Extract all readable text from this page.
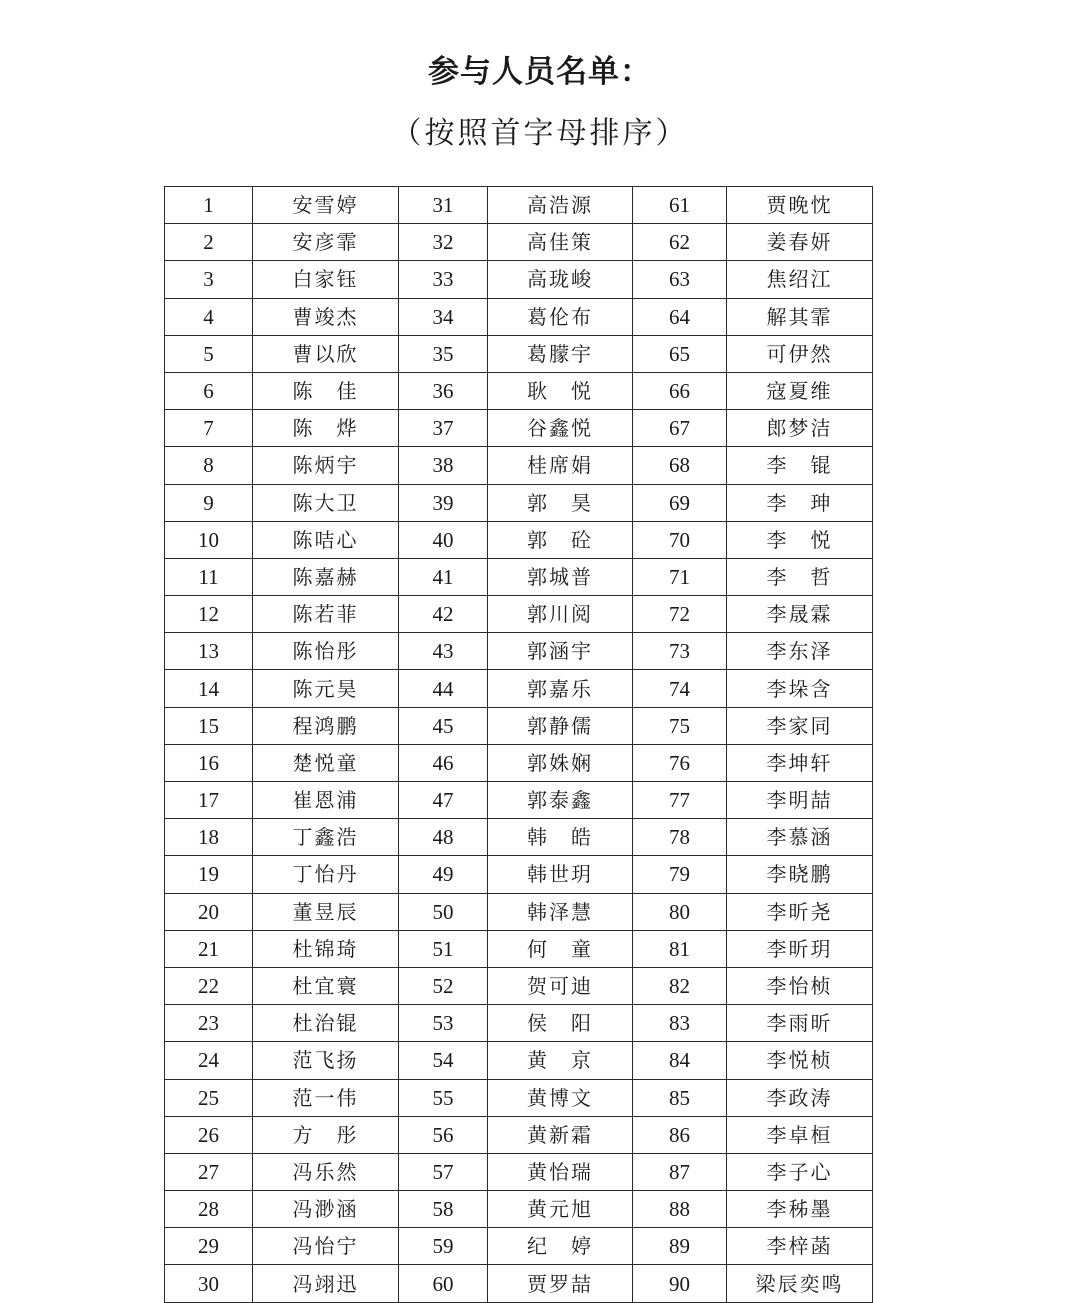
参与人员名单：
（按照首字母排序）
1	安雪婷	31	高浩源	61	贾晚忱
2	安彦霏	32	高佳策	62	姜春妍
3	白家钰	33	高珑峻	63	焦绍江
4	曹竣杰	34	葛伦布	64	解其霏
5	曹以欣	35	葛朦宇	65	可伊然
6	陈　佳	36	耿　悦	66	寇夏维
7	陈　烨	37	谷鑫悦	67	郎梦洁
8	陈炳宇	38	桂席娟	68	李　锟
9	陈大卫	39	郭　昊	69	李　珅
10	陈咭心	40	郭　砼	70	李　悦
11	陈嘉赫	41	郭城普	71	李　哲
12	陈若菲	42	郭川阅	72	李晟霖
13	陈怡彤	43	郭涵宇	73	李东泽
14	陈元昊	44	郭嘉乐	74	李垛含
15	程鸿鹏	45	郭静儒	75	李家同
16	楚悦童	46	郭姝娴	76	李坤轩
17	崔恩浦	47	郭泰鑫	77	李明喆
18	丁鑫浩	48	韩　皓	78	李慕涵
19	丁怡丹	49	韩世玥	79	李晓鹏
20	董昱辰	50	韩泽慧	80	李昕尧
21	杜锦琦	51	何　童	81	李昕玥
22	杜宜寰	52	贺可迪	82	李怡桢
23	杜治锟	53	侯　阳	83	李雨昕
24	范飞扬	54	黄　京	84	李悦桢
25	范一伟	55	黄博文	85	李政涛
26	方　彤	56	黄新霜	86	李卓桓
27	冯乐然	57	黄怡瑞	87	李子心
28	冯渺涵	58	黄元旭	88	李秭墨
29	冯怡宁	59	纪　婷	89	李梓菡
30	冯翊迅	60	贾罗喆	90	梁辰奕鸣
